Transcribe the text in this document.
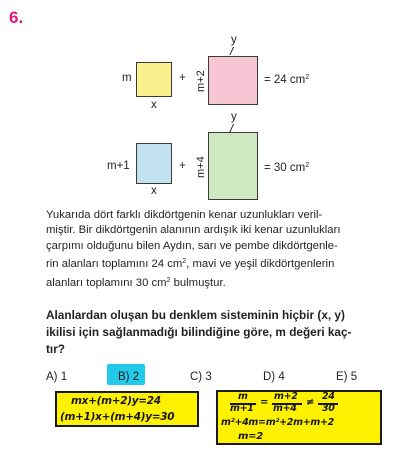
6.
m
x
+ m+2
y
//
= 24 $cm^2$
m+1
x
+ m+4
y
//
= 30 $cm^2$

Yukarıda dört farklı dikdörtgenin kenar uzunlukları veril-

miştir. Bir dikdörtgenin alanının ardışık iki kenar uzunlukları

çarpımı olduğunu bilen Aydın, sarı ve pembe dikdörtgenle-

rin alanları toplamını 24 $cm^2$, mavi ve yeşil dikdörtgenlerin

alanları toplamını 30 $cm^2$ bulmuştur.

Alanlardan oluşan bu denklem sisteminin hiçbir (x, y)
ikilisi için sağlanmadığı bilindiğine göre, m değeri kaç-
tır?
A) 1	B) 2	C) 3	D) 4	E) 5
mx+(m+2)y=24
(m+1)x+(m+4)y=30
m
m+1
=
m+2
m+4
≠
24
30
m²+4m=m²+2m+m+2
m=2
